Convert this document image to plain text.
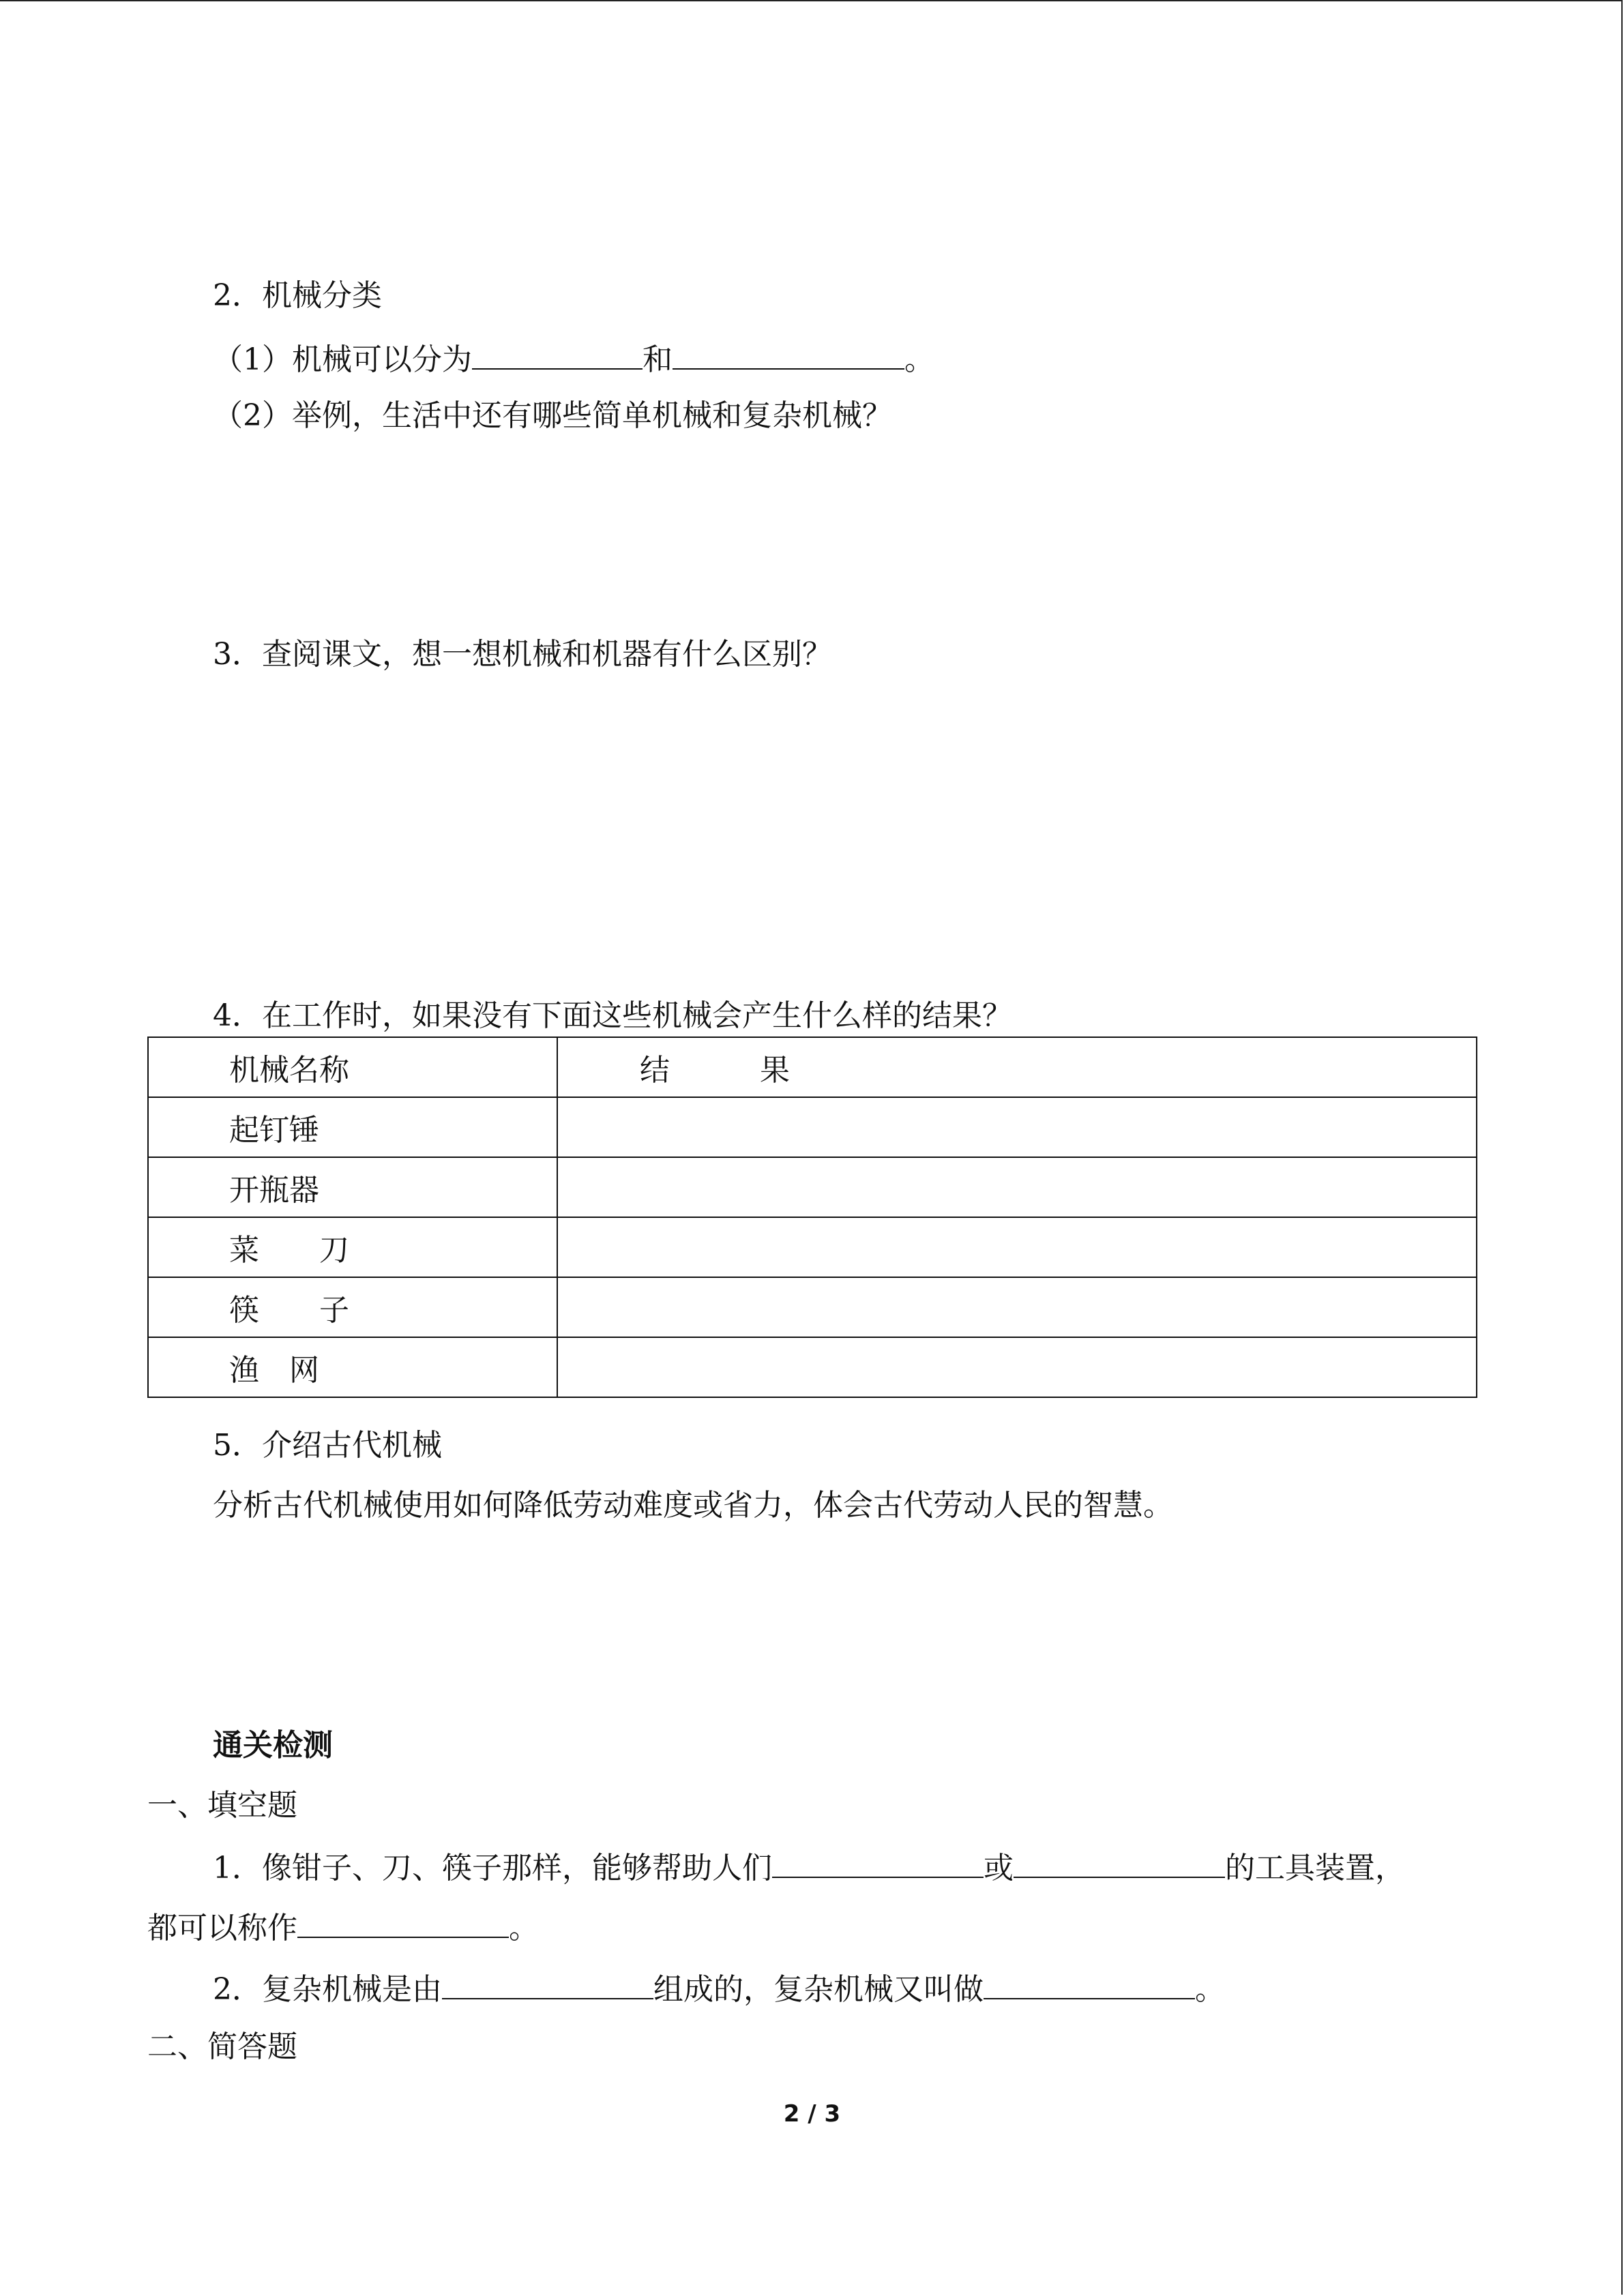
2．机械分类
（1）机械可以分为	和	。
（2）举例，生活中还有哪些简单机械和复杂机械？
3．查阅课文，想一想机械和机器有什么区别？
4．在工作时，如果没有下面这些机械会产生什么样的结果？
机械名称	结　　　果
起钉锤	
开瓶器	
菜　　刀	
筷　　子	
渔　网	
5．介绍古代机械
分析古代机械使用如何降低劳动难度或省力，体会古代劳动人民的智慧。
通关检测
一、填空题
1．像钳子、刀、筷子那样，能够帮助人们	或	的工具装置，
都可以称作	。
2．复杂机械是由	组成的，复杂机械又叫做	。
二、简答题
2 / 3
